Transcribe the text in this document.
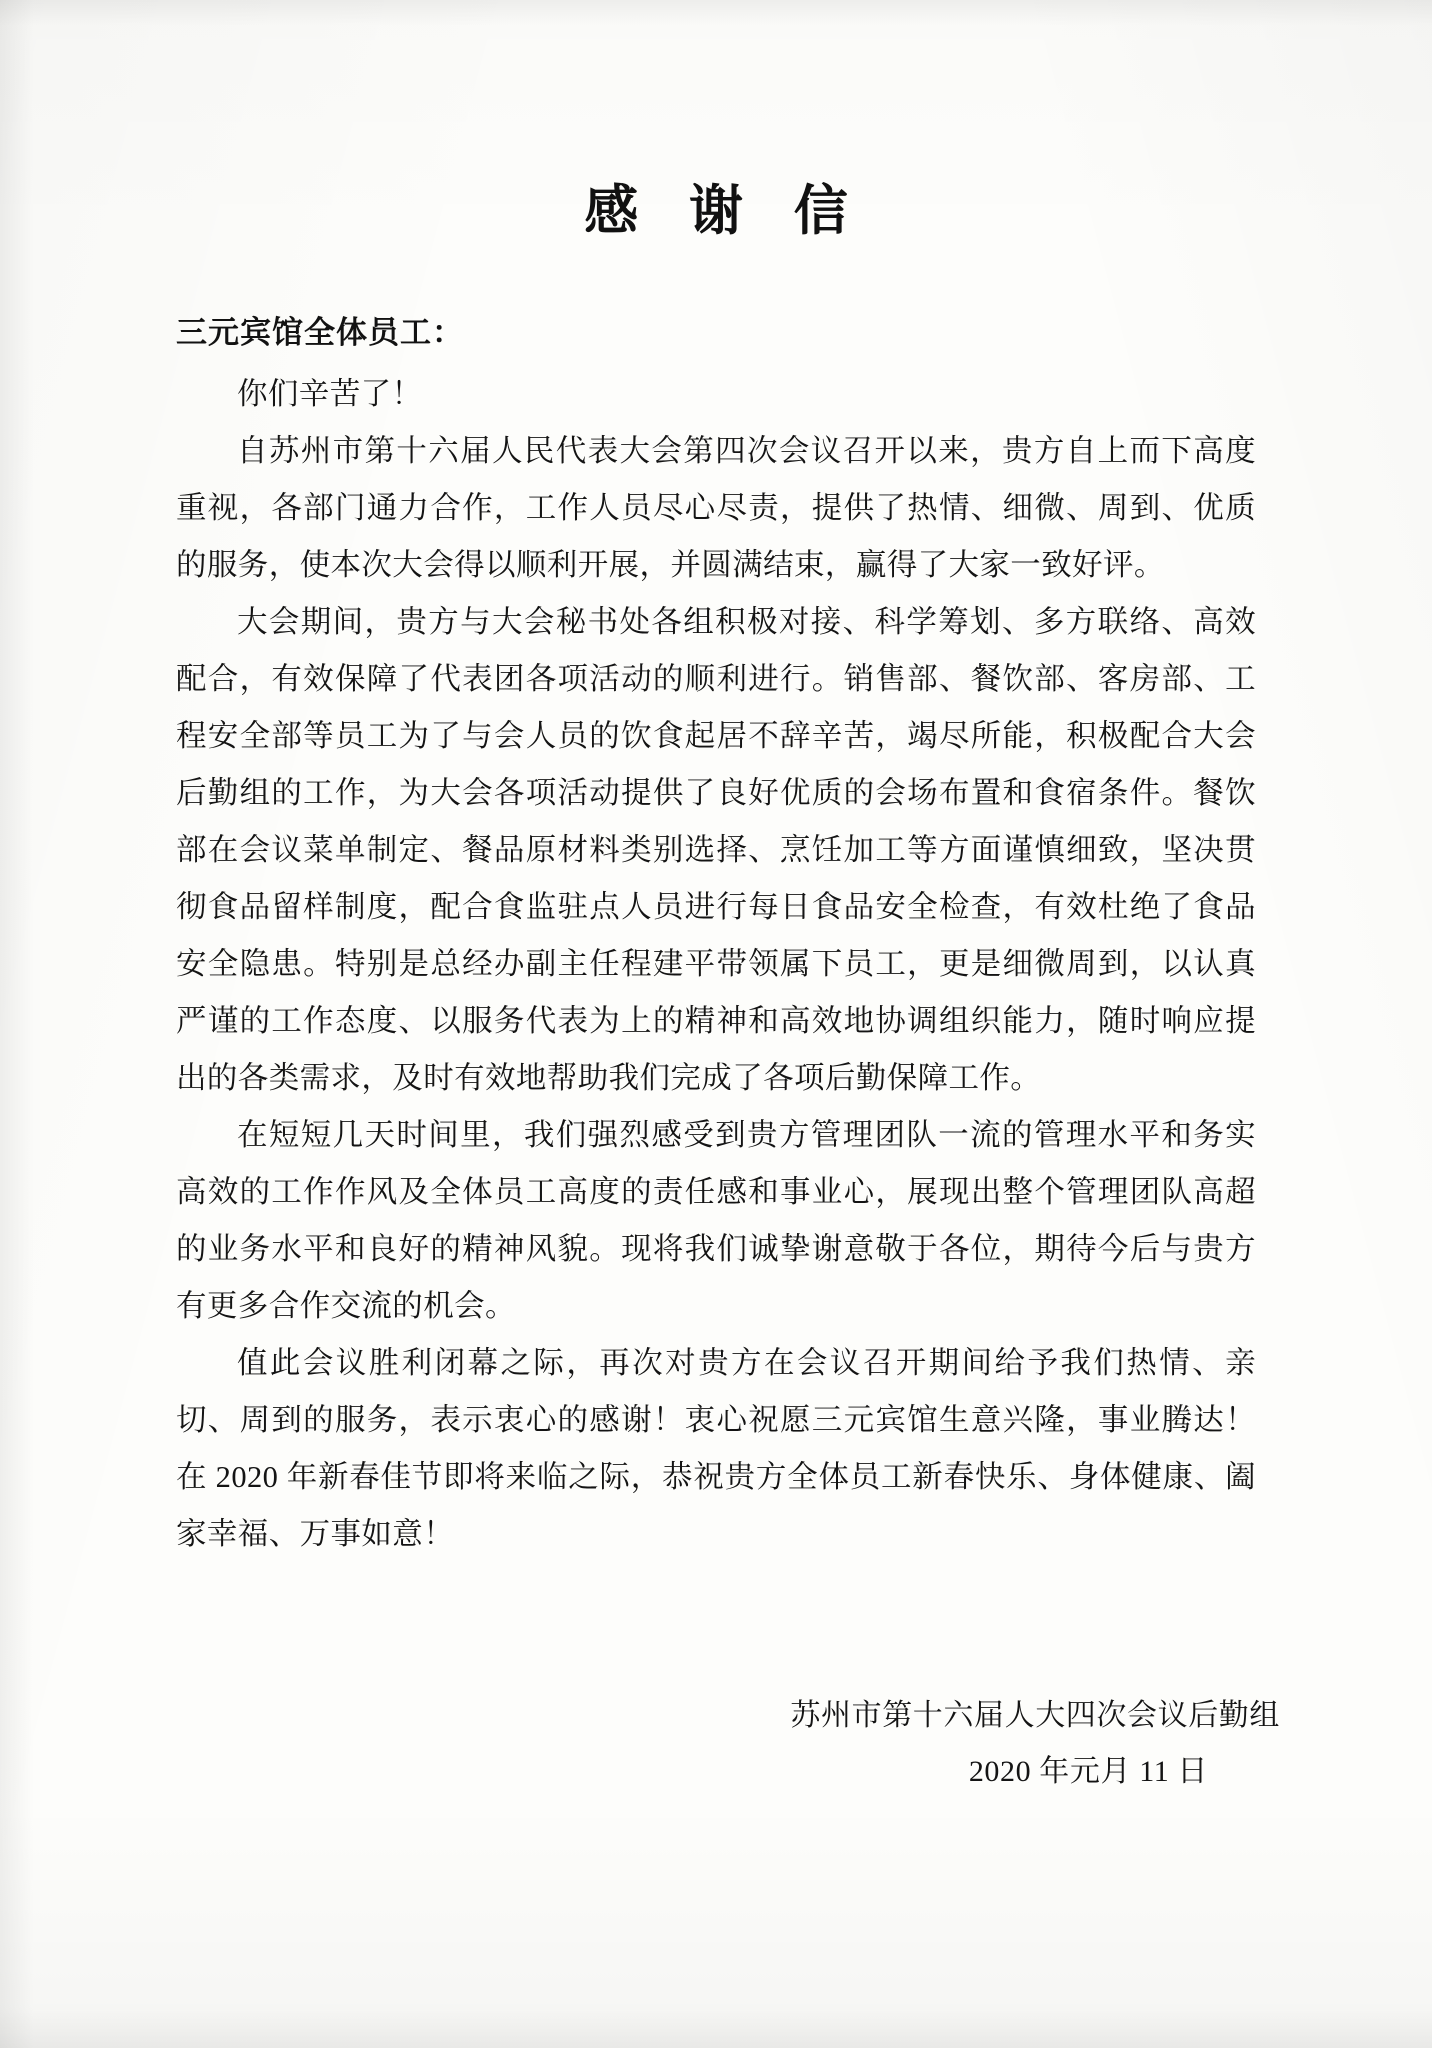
感 谢 信
三元宾馆全体员工：

你们辛苦了！

自苏州市第十六届人民代表大会第四次会议召开以来，贵方自上而下高度重视，各部门通力合作，工作人员尽心尽责，提供了热情、细微、周到、优质的服务，使本次大会得以顺利开展，并圆满结束，赢得了大家一致好评。

大会期间，贵方与大会秘书处各组积极对接、科学筹划、多方联络、高效配合，有效保障了代表团各项活动的顺利进行。销售部、餐饮部、客房部、工程安全部等员工为了与会人员的饮食起居不辞辛苦，竭尽所能，积极配合大会后勤组的工作，为大会各项活动提供了良好优质的会场布置和食宿条件。餐饮部在会议菜单制定、餐品原材料类别选择、烹饪加工等方面谨慎细致，坚决贯彻食品留样制度，配合食监驻点人员进行每日食品安全检查，有效杜绝了食品安全隐患。特别是总经办副主任程建平带领属下员工，更是细微周到，以认真严谨的工作态度、以服务代表为上的精神和高效地协调组织能力，随时响应提出的各类需求，及时有效地帮助我们完成了各项后勤保障工作。

在短短几天时间里，我们强烈感受到贵方管理团队一流的管理水平和务实高效的工作作风及全体员工高度的责任感和事业心，展现出整个管理团队高超的业务水平和良好的精神风貌。现将我们诚挚谢意敬于各位，期待今后与贵方有更多合作交流的机会。

值此会议胜利闭幕之际，再次对贵方在会议召开期间给予我们热情、亲切、周到的服务，表示衷心的感谢！衷心祝愿三元宾馆生意兴隆，事业腾达！在 2020 年新春佳节即将来临之际，恭祝贵方全体员工新春快乐、身体健康、阖家幸福、万事如意！

苏州市第十六届人大四次会议后勤组
2020 年元月 11 日
